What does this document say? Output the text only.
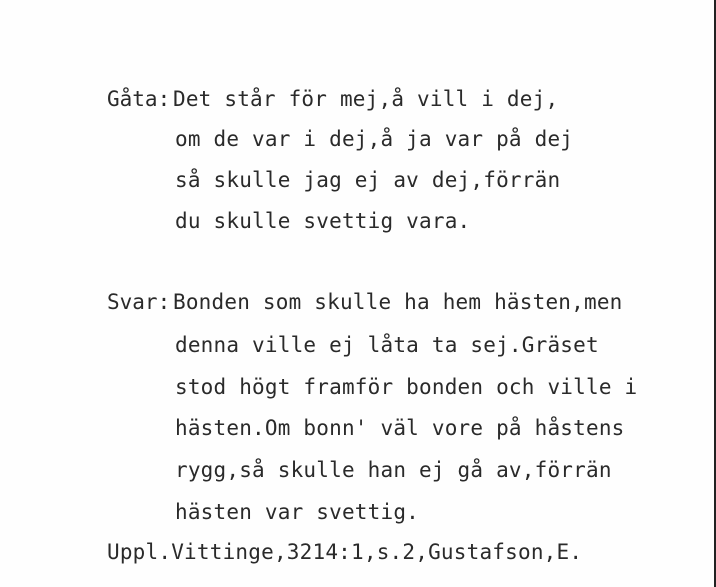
Gåta: Det står för mej,å vill i dej,
om de var i dej,å ja var på dej
så skulle jag ej av dej,förrän
du skulle svettig vara.
Svar: Bonden som skulle ha hem hästen,men
denna ville ej låta ta sej.Gräset
stod högt framför bonden och ville i
hästen.Om bonn' väl vore på håstens
rygg,så skulle han ej gå av,förrän
hästen var svettig.
Uppl.Vittinge,3214:1,s.2,Gustafson,E.
